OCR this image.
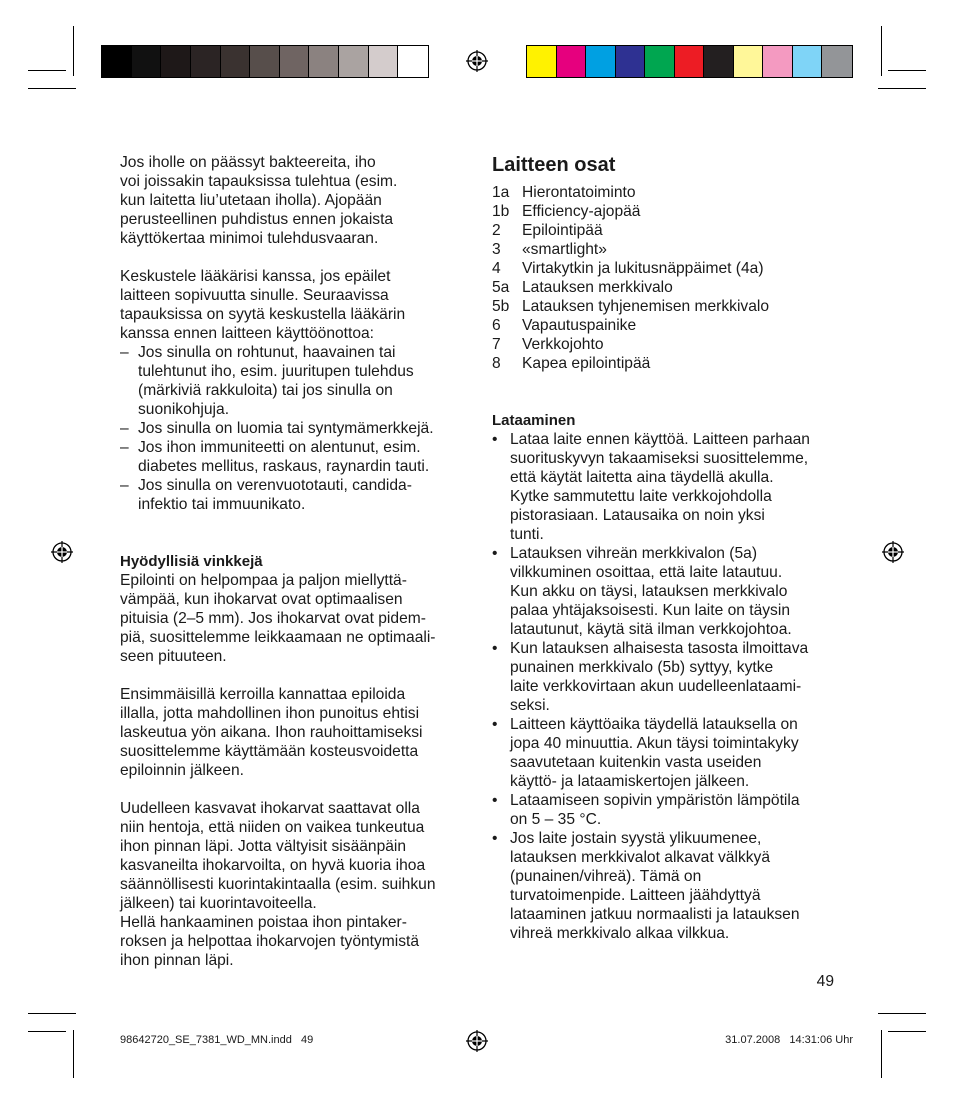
Jos iholle on päässyt bakteereita, iho
voi joissakin tapauksissa tulehtua (esim.
kun laitetta liu’utetaan iholla). Ajopään
perusteellinen puhdistus ennen jokaista
käyttökertaa minimoi tulehdusvaaran.

Keskustele lääkärisi kanssa, jos epäilet
laitteen sopivuutta sinulle. Seuraavissa
tapauksissa on syytä keskustella lääkärin
kanssa ennen laitteen käyttöönottoa:

– Jos sinulla on rohtunut, haavainen tai
tulehtunut iho, esim. juuritupen tulehdus
(märkiviä rakkuloita) tai jos sinulla on
suonikohjuja.
– Jos sinulla on luomia tai syntymämerkkejä.
– Jos ihon immuniteetti on alentunut, esim.
diabetes mellitus, raskaus, raynardin tauti.
– Jos sinulla on verenvuototauti, candida-
infektio tai immuunikato.

Hyödyllisiä vinkkejä

Epilointi on helpompaa ja paljon miellyttä-
vämpää, kun ihokarvat ovat optimaalisen
pituisia (2–5 mm). Jos ihokarvat ovat pidem-
piä, suosittelemme leikkaamaan ne optimaali-
seen pituuteen.

Ensimmäisillä kerroilla kannattaa epiloida
illalla, jotta mahdollinen ihon punoitus ehtisi
laskeutua yön aikana. Ihon rauhoittamiseksi
suosittelemme käyttämään kosteusvoidetta
epiloinnin jälkeen.

Uudelleen kasvavat ihokarvat saattavat olla
niin hentoja, että niiden on vaikea tunkeutua
ihon pinnan läpi. Jotta vältyisit sisäänpäin
kasvaneilta ihokarvoilta, on hyvä kuoria ihoa
säännöllisesti kuorintakintaalla (esim. suihkun
jälkeen) tai kuorintavoiteella.
Hellä hankaaminen poistaa ihon pintaker-
roksen ja helpottaa ihokarvojen työntymistä
ihon pinnan läpi.

Laitteen osat
1a Hierontatoiminto
1b Efficiency-ajopää
2	Epilointipää
3	«smartlight»
4	Virtakytkin ja lukitusnäppäimet (4a)
5a Latauksen merkkivalo
5b Latauksen tyhjenemisen merkkivalo
6	Vapautuspainike
7	Verkkojohto
8	Kapea epilointipää

Lataaminen

• Lataa laite ennen käyttöä. Laitteen parhaan
suorituskyvyn takaamiseksi suosittelemme,
että käytät laitetta aina täydellä akulla.
Kytke sammutettu laite verkkojohdolla
pistorasiaan. Latausaika on noin yksi
tunti.
• Latauksen vihreän merkkivalon (5a)
vilkkuminen osoittaa, että laite latautuu.
Kun akku on täysi, latauksen merkkivalo
palaa yhtäjaksoisesti. Kun laite on täysin
latautunut, käytä sitä ilman verkkojohtoa.
• Kun latauksen alhaisesta tasosta ilmoittava
punainen merkkivalo (5b) syttyy, kytke
laite verkkovirtaan akun uudelleenlataami-
seksi.
• Laitteen käyttöaika täydellä latauksella on
jopa 40 minuuttia. Akun täysi toimintakyky
saavutetaan kuitenkin vasta useiden
käyttö- ja lataamiskertojen jälkeen.
• Lataamiseen sopivin ympäristön lämpötila
on 5 – 35 °C.
• Jos laite jostain syystä ylikuumenee,
latauksen merkkivalot alkavat välkkyä
(punainen/vihreä). Tämä on
turvatoimenpide. Laitteen jäähdyttyä
lataaminen jatkuu normaalisti ja latauksen
vihreä merkkivalo alkaa vilkkua.
49
98642720_SE_7381_WD_MN.indd   49	31.07.2008   14:31:06 Uhr
